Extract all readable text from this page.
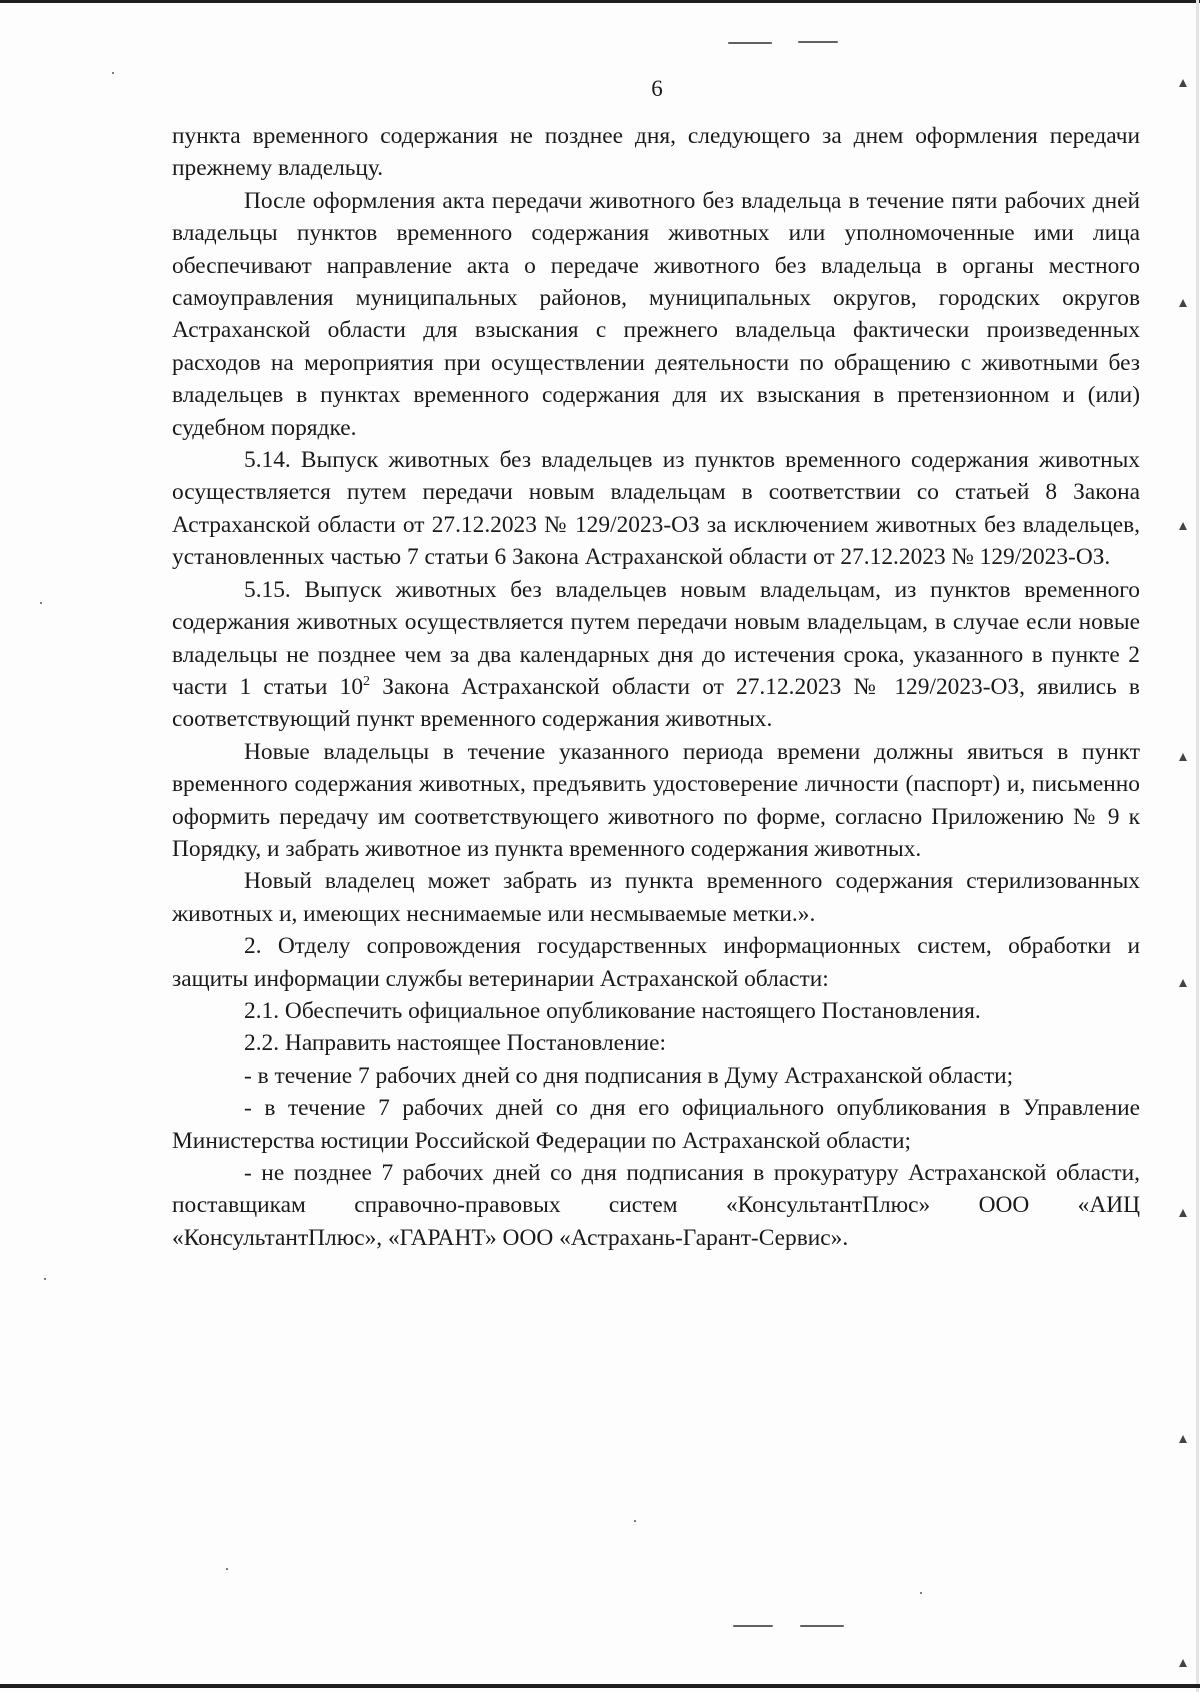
6

пункта временного содержания не позднее дня, следующего за днем оформления передачи прежнему владельцу.

После оформления акта передачи животного без владельца в течение пяти рабочих дней владельцы пунктов временного содержания животных или уполномоченные ими лица обеспечивают направление акта о передаче животного без владельца в органы местного самоуправления муниципальных районов, муниципальных округов, городских округов Астраханской области для взыскания с прежнего владельца фактически произведенных расходов на мероприятия при осуществлении деятельности по обращению с животными без владельцев в пунктах временного содержания для их взыскания в претензионном и (или) судебном порядке.

5.14. Выпуск животных без владельцев из пунктов временного содержания животных осуществляется путем передачи новым владельцам в соответствии со статьей 8 Закона Астраханской области от 27.12.2023 № 129/2023-ОЗ за исключением животных без владельцев, установленных частью 7 статьи 6 Закона Астраханской области от 27.12.2023 № 129/2023-ОЗ.

5.15. Выпуск животных без владельцев новым владельцам, из пунктов временного содержания животных осуществляется путем передачи новым владельцам, в случае если новые владельцы не позднее чем за два календарных дня до истечения срока, указанного в пункте 2 части 1 статьи $10^2$ Закона Астраханской области от 27.12.2023 № 129/2023-ОЗ, явились в соответствующий пункт временного содержания животных.

Новые владельцы в течение указанного периода времени должны явиться в пункт временного содержания животных, предъявить удостоверение личности (паспорт) и, письменно оформить передачу им соответствующего животного по форме, согласно Приложению № 9 к Порядку, и забрать животное из пункта временного содержания животных.

Новый владелец может забрать из пункта временного содержания стерилизованных животных и, имеющих неснимаемые или несмываемые метки.».

2. Отделу сопровождения государственных информационных систем, обработки и защиты информации службы ветеринарии Астраханской области:

2.1. Обеспечить официальное опубликование настоящего Постановления.

2.2. Направить настоящее Постановление:

- в течение 7 рабочих дней со дня подписания в Думу Астраханской области;

- в течение 7 рабочих дней со дня его официального опубликования в Управление Министерства юстиции Российской Федерации по Астраханской области;

- не позднее 7 рабочих дней со дня подписания в прокуратуру Астраханской области, поставщикам справочно-правовых систем «КонсультантПлюс» ООО «АИЦ «КонсультантПлюс», «ГАРАНТ» ООО «Астрахань-Гарант-Сервис».
